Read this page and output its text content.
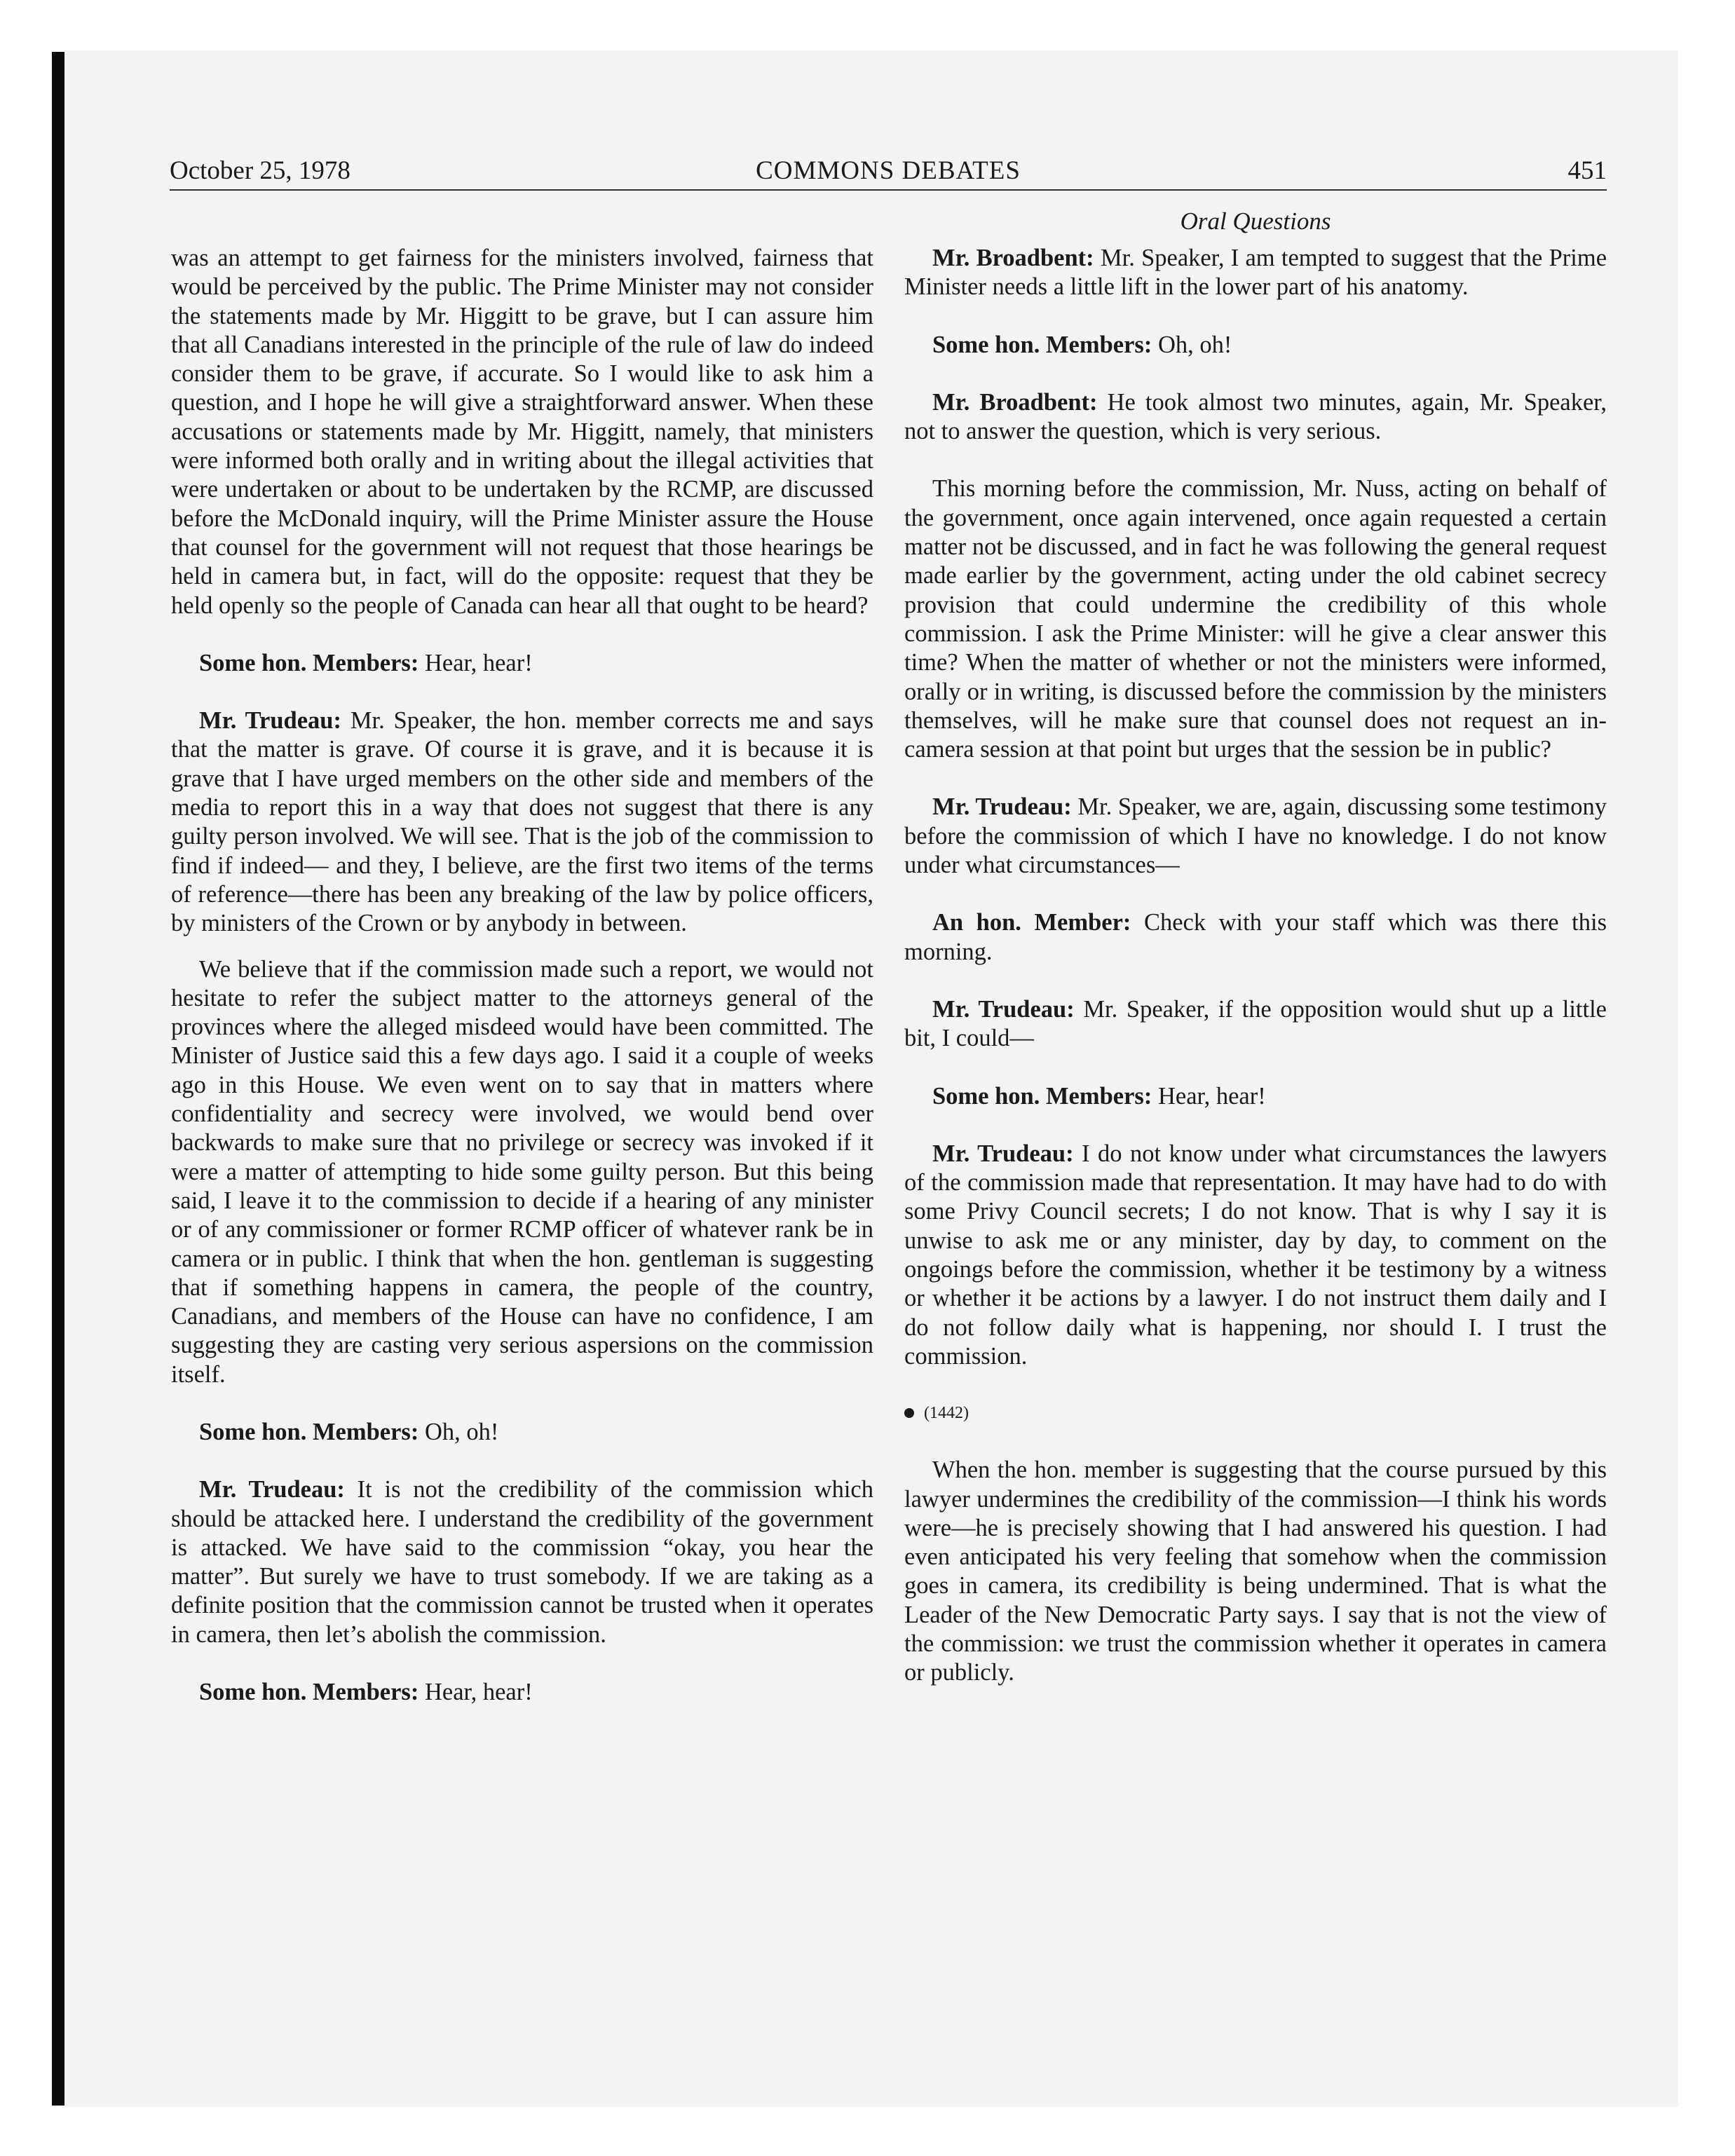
October 25, 1978	COMMONS DEBATES	451

was an attempt to get fairness for the ministers involved, fairness that would be perceived by the public. The Prime Minister may not consider the statements made by Mr. Higgitt to be grave, but I can assure him that all Canadians interested in the principle of the rule of law do indeed consider them to be grave, if accurate. So I would like to ask him a question, and I hope he will give a straightforward answer. When these accusations or statements made by Mr. Higgitt, namely, that ministers were informed both orally and in writing about the illegal activities that were undertaken or about to be undertaken by the RCMP, are discussed before the McDonald inquiry, will the Prime Minister assure the House that counsel for the government will not request that those hearings be held in camera but, in fact, will do the opposite: request that they be held openly so the people of Canada can hear all that ought to be heard?

Some hon. Members: Hear, hear!

Mr. Trudeau: Mr. Speaker, the hon. member corrects me and says that the matter is grave. Of course it is grave, and it is because it is grave that I have urged members on the other side and members of the media to report this in a way that does not suggest that there is any guilty person involved. We will see. That is the job of the commission to find if indeed— and they, I believe, are the first two items of the terms of reference—there has been any breaking of the law by police officers, by ministers of the Crown or by anybody in between.

We believe that if the commission made such a report, we would not hesitate to refer the subject matter to the attorneys general of the provinces where the alleged misdeed would have been committed. The Minister of Justice said this a few days ago. I said it a couple of weeks ago in this House. We even went on to say that in matters where confidentiality and secrecy were involved, we would bend over backwards to make sure that no privilege or secrecy was invoked if it were a matter of attempting to hide some guilty person. But this being said, I leave it to the commission to decide if a hearing of any minister or of any commissioner or former RCMP officer of whatever rank be in camera or in public. I think that when the hon. gentleman is suggesting that if something happens in camera, the people of the country, Canadians, and members of the House can have no confidence, I am suggesting they are casting very serious aspersions on the commission itself.

Some hon. Members: Oh, oh!

Mr. Trudeau: It is not the credibility of the commission which should be attacked here. I understand the credibility of the government is attacked. We have said to the commission “okay, you hear the matter”. But surely we have to trust somebody. If we are taking as a definite position that the commission cannot be trusted when it operates in camera, then let’s abolish the commission.

Some hon. Members: Hear, hear!

Oral Questions

Mr. Broadbent: Mr. Speaker, I am tempted to suggest that the Prime Minister needs a little lift in the lower part of his anatomy.

Some hon. Members: Oh, oh!

Mr. Broadbent: He took almost two minutes, again, Mr. Speaker, not to answer the question, which is very serious.

This morning before the commission, Mr. Nuss, acting on behalf of the government, once again intervened, once again requested a certain matter not be discussed, and in fact he was following the general request made earlier by the government, acting under the old cabinet secrecy provision that could undermine the credibility of this whole commission. I ask the Prime Minister: will he give a clear answer this time? When the matter of whether or not the ministers were informed, orally or in writing, is discussed before the commission by the ministers themselves, will he make sure that counsel does not request an in-camera session at that point but urges that the session be in public?

Mr. Trudeau: Mr. Speaker, we are, again, discussing some testimony before the commission of which I have no knowledge. I do not know under what circumstances—

An hon. Member: Check with your staff which was there this morning.

Mr. Trudeau: Mr. Speaker, if the opposition would shut up a little bit, I could—

Some hon. Members: Hear, hear!

Mr. Trudeau: I do not know under what circumstances the lawyers of the commission made that representation. It may have had to do with some Privy Council secrets; I do not know. That is why I say it is unwise to ask me or any minister, day by day, to comment on the ongoings before the commission, whether it be testimony by a witness or whether it be actions by a lawyer. I do not instruct them daily and I do not follow daily what is happening, nor should I. I trust the commission.

(1442)

When the hon. member is suggesting that the course pursued by this lawyer undermines the credibility of the commission—I think his words were—he is precisely showing that I had answered his question. I had even anticipated his very feeling that somehow when the commission goes in camera, its credibility is being undermined. That is what the Leader of the New Democratic Party says. I say that is not the view of the commission: we trust the commission whether it operates in camera or publicly.
